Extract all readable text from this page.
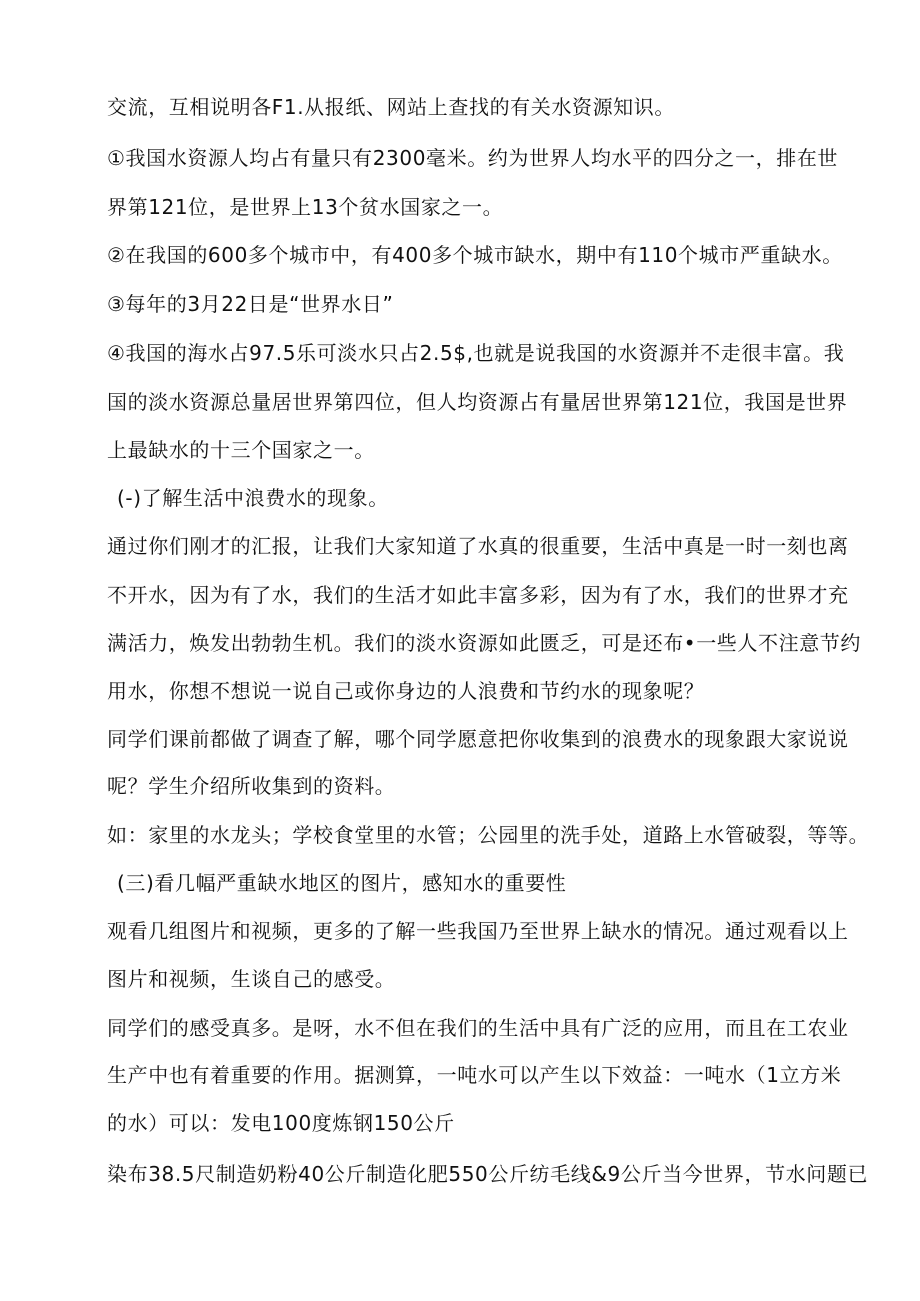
交流，互相说明各F1.从报纸、网站上查找的有关水资源知识。
①我国水资源人均占有量只有2300毫米。约为世界人均水平的四分之一，排在世
界第121位，是世界上13个贫水国家之一。
②在我国的600多个城市中，有400多个城市缺水，期中有110个城市严重缺水。
③每年的3月22日是“世界水日”
④我国的海水占97.5乐可淡水只占2.5$,也就是说我国的水资源并不走很丰富。我
国的淡水资源总量居世界第四位，但人均资源占有量居世界第121位，我国是世界
上最缺水的十三个国家之一。
(-)了解生活中浪费水的现象。
通过你们刚才的汇报，让我们大家知道了水真的很重要，生活中真是一时一刻也离
不开水，因为有了水，我们的生活才如此丰富多彩，因为有了水，我们的世界才充
满活力，焕发出勃勃生机。我们的淡水资源如此匮乏，可是还布•一些人不注意节约
用水，你想不想说一说自己或你身边的人浪费和节约水的现象呢？
同学们课前都做了调查了解，哪个同学愿意把你收集到的浪费水的现象跟大家说说
呢？学生介绍所收集到的资料。
如：家里的水龙头；学校食堂里的水管；公园里的洗手处，道路上水管破裂，等等。
(三)看几幅严重缺水地区的图片，感知水的重要性
观看几组图片和视频，更多的了解一些我国乃至世界上缺水的情况。通过观看以上
图片和视频，生谈自己的感受。
同学们的感受真多。是呀，水不但在我们的生活中具有广泛的应用，而且在工农业
生产中也有着重要的作用。据测算，一吨水可以产生以下效益：一吨水（1立方米
的水）可以：发电100度炼钢150公斤
染布38.5尺制造奶粉40公斤制造化肥550公斤纺毛线&9公斤当今世界，节水问题已
